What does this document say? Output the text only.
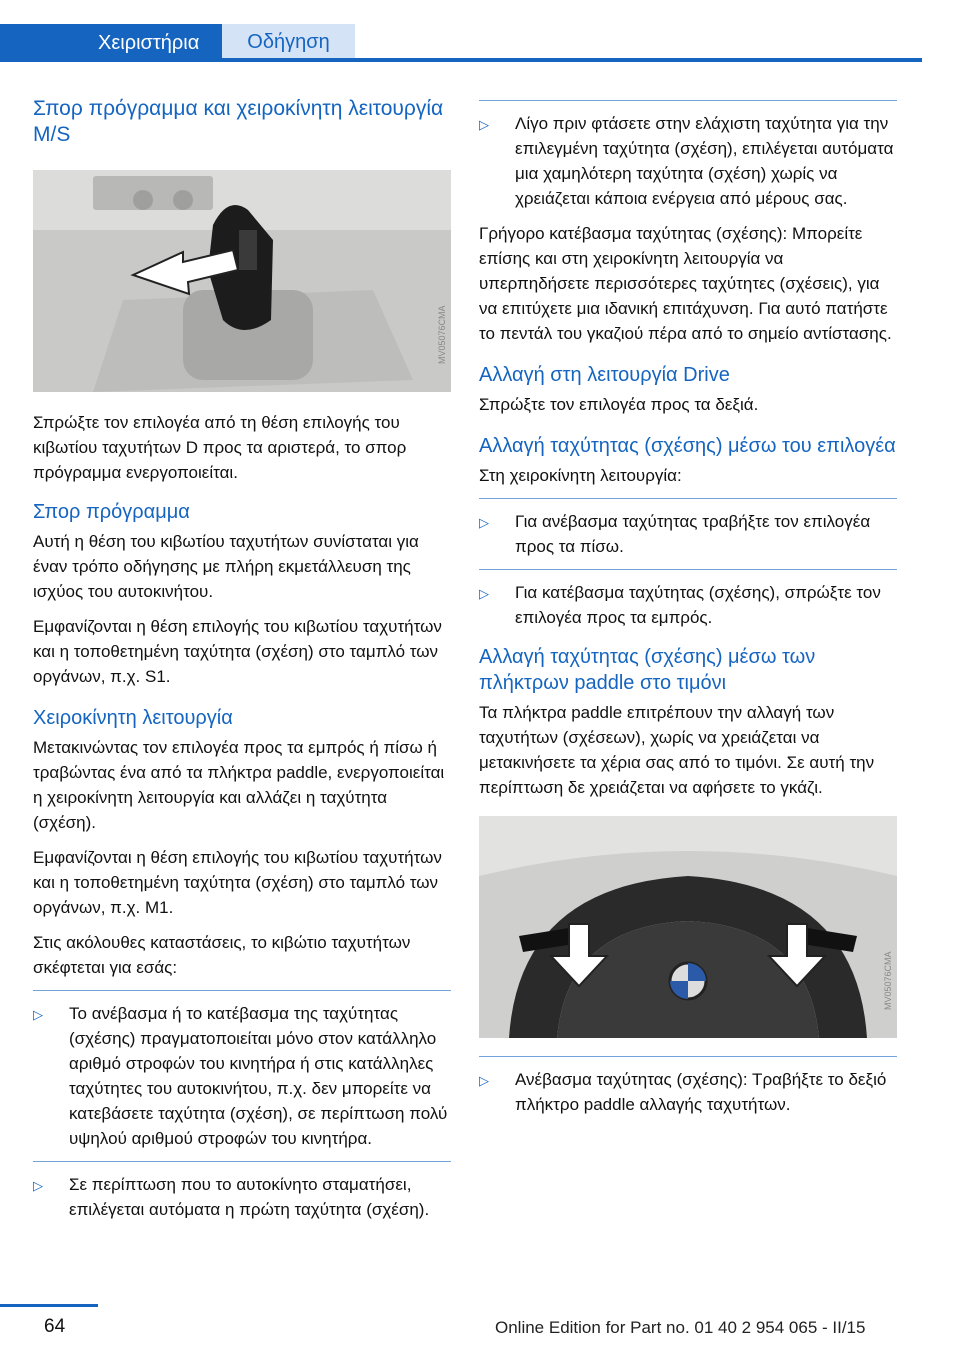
Χειριστήρια	Οδήγηση
Σπορ πρόγραμμα και χειροκίνητη λειτουργία M/S
MV05076CMA

Σπρώξτε τον επιλογέα από τη θέση επιλογής του κιβωτίου ταχυτήτων D προς τα αριστερά, το σπορ πρόγραμμα ενεργοποιείται.

Σπορ πρόγραμμα

Αυτή η θέση του κιβωτίου ταχυτήτων συνίσταται για έναν τρόπο οδήγησης με πλήρη εκμετάλλευση της ισχύος του αυτοκινήτου.

Εμφανίζονται η θέση επιλογής του κιβωτίου ταχυτήτων και η τοποθετημένη ταχύτητα (σχέση) στο ταμπλό των οργάνων, π.χ. S1.

Χειροκίνητη λειτουργία

Μετακινώντας τον επιλογέα προς τα εμπρός ή πίσω ή τραβώντας ένα από τα πλήκτρα paddle, ενεργοποιείται η χειροκίνητη λειτουργία και αλλάζει η ταχύτητα (σχέση).

Εμφανίζονται η θέση επιλογής του κιβωτίου ταχυτήτων και η τοποθετημένη ταχύτητα (σχέση) στο ταμπλό των οργάνων, π.χ. M1.

Στις ακόλουθες καταστάσεις, το κιβώτιο ταχυτήτων σκέφτεται για εσάς:

▷ Το ανέβασμα ή το κατέβασμα της ταχύτητας (σχέσης) πραγματοποιείται μόνο στον κατάλληλο αριθμό στροφών του κινητήρα ή στις κατάλληλες ταχύτητες του αυτοκινήτου, π.χ. δεν μπορείτε να κατεβάσετε ταχύτητα (σχέση), σε περίπτωση πολύ υψηλού αριθμού στροφών του κινητήρα.
▷ Σε περίπτωση που το αυτοκίνητο σταματήσει, επιλέγεται αυτόματα η πρώτη ταχύτητα (σχέση).
▷ Λίγο πριν φτάσετε στην ελάχιστη ταχύτητα για την επιλεγμένη ταχύτητα (σχέση), επιλέγεται αυτόματα μια χαμηλότερη ταχύτητα (σχέση) χωρίς να χρειάζεται κάποια ενέργεια από μέρους σας.

Γρήγορο κατέβασμα ταχύτητας (σχέσης): Μπορείτε επίσης και στη χειροκίνητη λειτουργία να υπερπηδήσετε περισσότερες ταχύτητες (σχέσεις), για να επιτύχετε μια ιδανική επιτάχυνση. Για αυτό πατήστε το πεντάλ του γκαζιού πέρα από το σημείο αντίστασης.

Αλλαγή στη λειτουργία Drive

Σπρώξτε τον επιλογέα προς τα δεξιά.

Αλλαγή ταχύτητας (σχέσης) μέσω του επιλογέα

Στη χειροκίνητη λειτουργία:

▷ Για ανέβασμα ταχύτητας τραβήξτε τον επιλογέα προς τα πίσω.
▷ Για κατέβασμα ταχύτητας (σχέσης), σπρώξτε τον επιλογέα προς τα εμπρός.
Αλλαγή ταχύτητας (σχέσης) μέσω των πλήκτρων paddle στο τιμόνι

Τα πλήκτρα paddle επιτρέπουν την αλλαγή των ταχυτήτων (σχέσεων), χωρίς να χρειάζεται να μετακινήσετε τα χέρια σας από το τιμόνι. Σε αυτή την περίπτωση δε χρειάζεται να αφήσετε το γκάζι.

MV05076CMA
▷ Ανέβασμα ταχύτητας (σχέσης): Τραβήξτε το δεξιό πλήκτρο paddle αλλαγής ταχυτήτων.
64	Online Edition for Part no. 01 40 2 954 065 - II/15
